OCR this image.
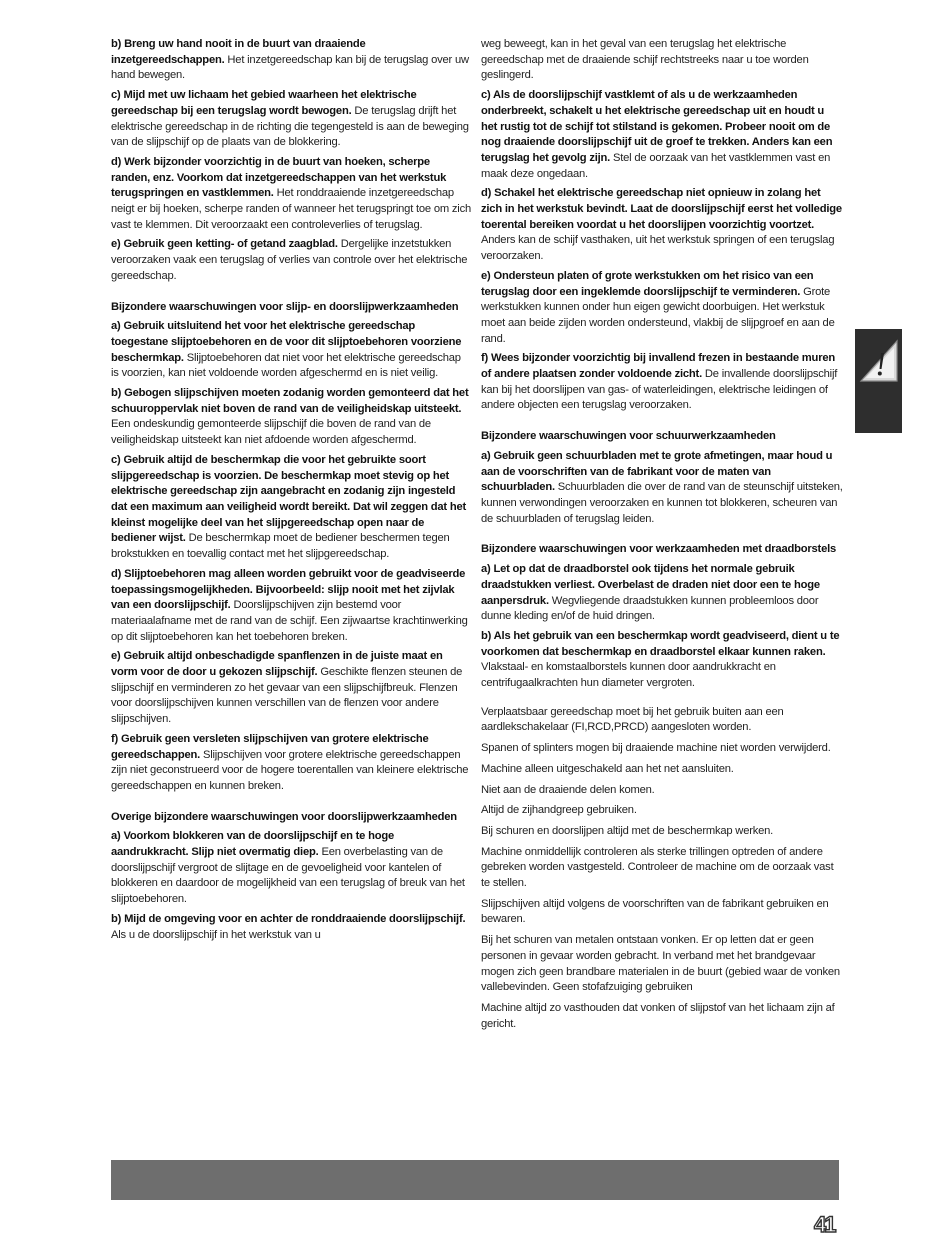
b) Breng uw hand nooit in de buurt van draaiende inzetgereedschappen. Het inzetgereedschap kan bij de terugslag over uw hand bewegen.

c) Mijd met uw lichaam het gebied waarheen het elektrische gereedschap bij een terugslag wordt bewogen. De terugslag drijft het elektrische gereedschap in de richting die tegengesteld is aan de beweging van de slijpschijf op de plaats van de blokkering.

d) Werk bijzonder voorzichtig in de buurt van hoeken, scherpe randen, enz. Voorkom dat inzetgereedschappen van het werkstuk terugspringen en vastklemmen. Het ronddraaiende inzetgereedschap neigt er bij hoeken, scherpe randen of wanneer het terugspringt toe om zich vast te klemmen. Dit veroorzaakt een controleverlies of terugslag.

e) Gebruik geen ketting- of getand zaagblad. Dergelijke inzetstukken veroorzaken vaak een terugslag of verlies van controle over het elektrische gereedschap.

Bijzondere waarschuwingen voor slijp- en doorslijpwerkzaamheden

a) Gebruik uitsluitend het voor het elektrische gereedschap toegestane slijptoebehoren en de voor dit slijptoebehoren voorziene beschermkap. Slijptoebehoren dat niet voor het elektrische gereedschap is voorzien, kan niet voldoende worden afgeschermd en is niet veilig.

b) Gebogen slijpschijven moeten zodanig worden gemonteerd dat het schuuroppervlak niet boven de rand van de veiligheidskap uitsteekt. Een ondeskundig gemonteerde slijpschijf die boven de rand van de veiligheidskap uitsteekt kan niet afdoende worden afgeschermd.

c) Gebruik altijd de beschermkap die voor het gebruikte soort slijpgereedschap is voorzien. De beschermkap moet stevig op het elektrische gereedschap zijn aangebracht en zodanig zijn ingesteld dat een maximum aan veiligheid wordt bereikt. Dat wil zeggen dat het kleinst mogelijke deel van het slijpgereedschap open naar de bediener wijst. De beschermkap moet de bediener beschermen tegen brokstukken en toevallig contact met het slijpgereedschap.

d) Slijptoebehoren mag alleen worden gebruikt voor de geadviseerde toepassingsmogelijkheden. Bijvoorbeeld: slijp nooit met het zijvlak van een doorslijpschijf. Doorslijpschijven zijn bestemd voor materiaalafname met de rand van de schijf. Een zijwaartse krachtinwerking op dit slijptoebehoren kan het toebehoren breken.

e) Gebruik altijd onbeschadigde spanflenzen in de juiste maat en vorm voor de door u gekozen slijpschijf. Geschikte flenzen steunen de slijpschijf en verminderen zo het gevaar van een slijpschijfbreuk. Flenzen voor doorslijpschijven kunnen verschillen van de flenzen voor andere slijpschijven.

f) Gebruik geen versleten slijpschijven van grotere elektrische gereedschappen. Slijpschijven voor grotere elektrische gereedschappen zijn niet geconstrueerd voor de hogere toerentallen van kleinere elektrische gereedschappen en kunnen breken.

Overige bijzondere waarschuwingen voor doorslijpwerkzaamheden

a) Voorkom blokkeren van de doorslijpschijf en te hoge aandrukkracht. Slijp niet overmatig diep. Een overbelasting van de doorslijpschijf vergroot de slijtage en de gevoeligheid voor kantelen of blokkeren en daardoor de mogelijkheid van een terugslag of breuk van het slijptoebehoren.

b) Mijd de omgeving voor en achter de ronddraaiende doorslijpschijf. Als u de doorslijpschijf in het werkstuk van u

weg beweegt, kan in het geval van een terugslag het elektrische gereedschap met de draaiende schijf rechtstreeks naar u toe worden geslingerd.

c) Als de doorslijpschijf vastklemt of als u de werkzaamheden onderbreekt, schakelt u het elektrische gereedschap uit en houdt u het rustig tot de schijf tot stilstand is gekomen. Probeer nooit om de nog draaiende doorslijpschijf uit de groef te trekken. Anders kan een terugslag het gevolg zijn. Stel de oorzaak van het vastklemmen vast en maak deze ongedaan.

d) Schakel het elektrische gereedschap niet opnieuw in zolang het zich in het werkstuk bevindt. Laat de doorslijpschijf eerst het volledige toerental bereiken voordat u het doorslijpen voorzichtig voortzet. Anders kan de schijf vasthaken, uit het werkstuk springen of een terugslag veroorzaken.

e) Ondersteun platen of grote werkstukken om het risico van een terugslag door een ingeklemde doorslijpschijf te verminderen. Grote werkstukken kunnen onder hun eigen gewicht doorbuigen. Het werkstuk moet aan beide zijden worden ondersteund, vlakbij de slijpgroef en aan de rand.

f) Wees bijzonder voorzichtig bij invallend frezen in bestaande muren of andere plaatsen zonder voldoende zicht. De invallende doorslijpschijf kan bij het doorslijpen van gas- of waterleidingen, elektrische leidingen of andere objecten een terugslag veroorzaken.

Bijzondere waarschuwingen voor schuurwerkzaamheden

a) Gebruik geen schuurbladen met te grote afmetingen, maar houd u aan de voorschriften van de fabrikant voor de maten van schuurbladen. Schuurbladen die over de rand van de steunschijf uitsteken, kunnen verwondingen veroorzaken en kunnen tot blokkeren, scheuren van de schuurbladen of terugslag leiden.

Bijzondere waarschuwingen voor werkzaamheden met draadborstels

a) Let op dat de draadborstel ook tijdens het normale gebruik draadstukken verliest. Overbelast de draden niet door een te hoge aanpersdruk. Wegvliegende draadstukken kunnen probleemloos door dunne kleding en/of de huid dringen.

b) Als het gebruik van een beschermkap wordt geadviseerd, dient u te voorkomen dat beschermkap en draadborstel elkaar kunnen raken. Vlakstaal- en komstaalborstels kunnen door aandrukkracht en centrifugaalkrachten hun diameter vergroten.

Verplaatsbaar gereedschap moet bij het gebruik buiten aan een aardlekschakelaar (FI,RCD,PRCD) aangesloten worden.

Spanen of splinters mogen bij draaiende machine niet worden verwijderd.

Machine alleen uitgeschakeld aan het net aansluiten.

Niet aan de draaiende delen komen.

Altijd de zijhandgreep gebruiken.

Bij schuren en doorslijpen altijd met de beschermkap werken.

Machine onmiddellijk controleren als sterke trillingen optreden of andere gebreken worden vastgesteld. Controleer de machine om de oorzaak vast te stellen.

Slijpschijven altijd volgens de voorschriften van de fabrikant gebruiken en bewaren.

Bij het schuren van metalen ontstaan vonken. Er op letten dat er geen personen in gevaar worden gebracht. In verband met het brandgevaar mogen zich geen brandbare materialen in de buurt (gebied waar de vonken vallebevinden. Geen stofafzuiging gebruiken

Machine altijd zo vasthouden dat vonken of slijpstof van het lichaam zijn af gericht.

41
